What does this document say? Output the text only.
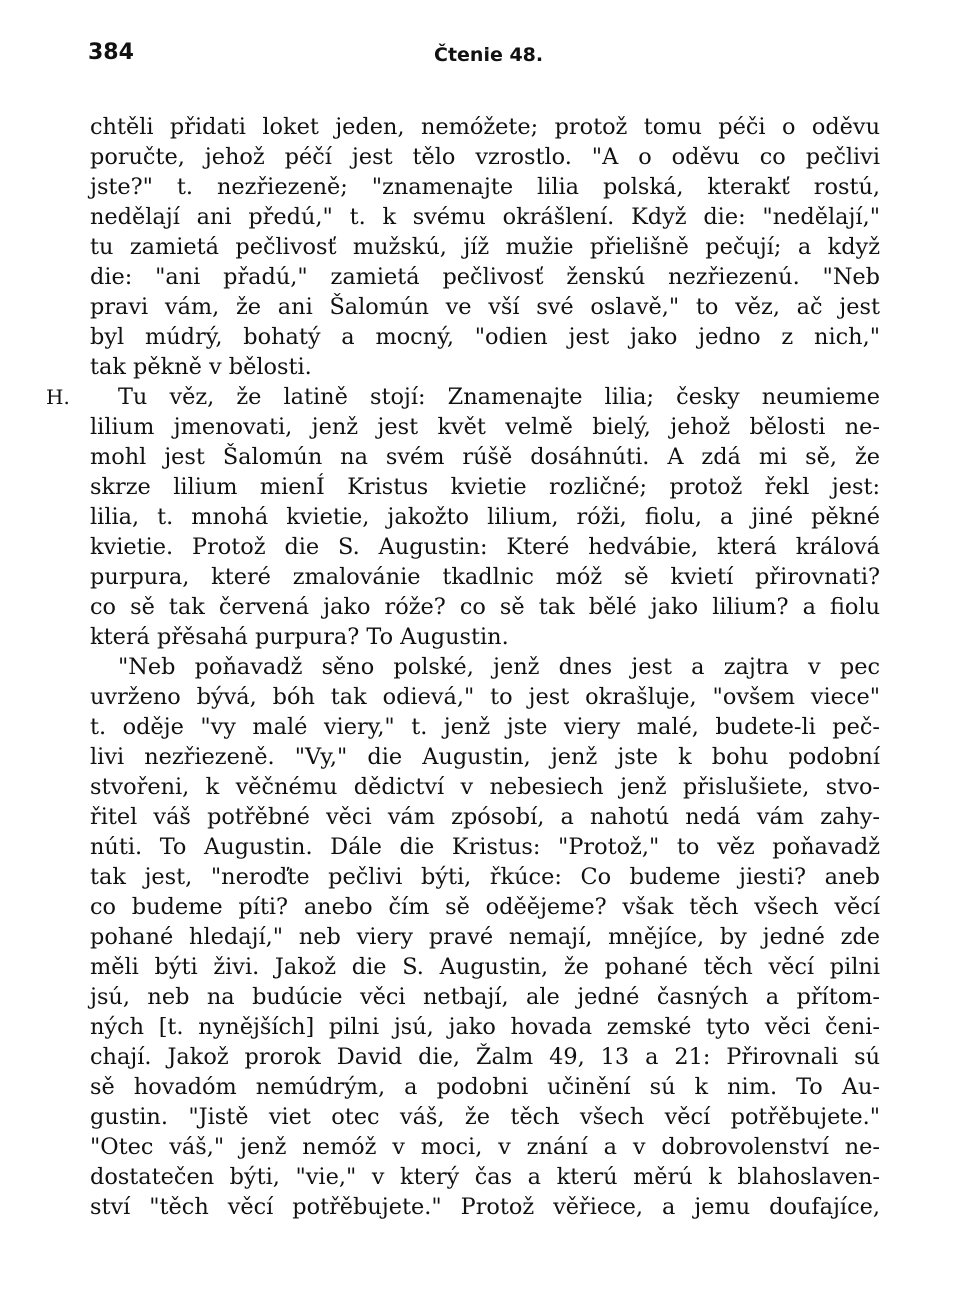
384	Čtenie 48.
chtěli přidati loket jeden, nemóžete; protož tomu péči o oděvu
poručte, jehož péčí jest tělo vzrostlo. "A o oděvu co pečlivi
jste?" t. nezřiezeně; "znamenajte lilia polská, kterakť rostú,
nedělají ani předú," t. k svému okrášlení. Když die: "nedělají,"
tu zamietá pečlivosť mužskú, jíž mužie přielišně pečují; a když
die: "ani přadú," zamietá pečlivosť ženskú nezřiezenú. "Neb
pravi vám, že ani Šalomún ve vší své oslavě," to věz, ač jest
byl múdrý, bohatý a mocný, "odien jest jako jedno z nich,"
tak pěkně v bělosti.
H. Tu věz, že latině stojí: Znamenajte lilia; česky neumieme
lilium jmenovati, jenž jest květ velmě bielý, jehož bělosti ne-
mohl jest Šalomún na svém rúšě dosáhnúti. A zdá mi sě, že
skrze lilium mienÍ Kristus kvietie rozličné; protož řekl jest:
lilia, t. mnohá kvietie, jakožto lilium, róži, fiolu, a jiné pěkné
kvietie. Protož die S. Augustin: Které hedvábie, která králová
purpura, které zmalovánie tkadlnic móž sě kvietí přirovnati?
co sě tak červená jako róže? co sě tak bělé jako lilium? a fiolu
která přěsahá purpura? To Augustin.
"Neb poňavadž sěno polské, jenž dnes jest a zajtra v pec
uvrženo bývá, bóh tak odievá," to jest okrašluje, "ovšem viece"
t. oděje "vy malé viery," t. jenž jste viery malé, budete-li peč-
livi nezřiezeně. "Vy," die Augustin, jenž jste k bohu podobní
stvořeni, k věčnému dědictví v nebesiech jenž přislušiete, stvo-
řitel váš potřěbné věci vám zpósobí, a nahotú nedá vám zahy-
núti. To Augustin. Dále die Kristus: "Protož," to věz poňavadž
tak jest, "neroďte pečlivi býti, řkúce: Co budeme jiesti? aneb
co budeme píti? anebo čím sě oděějeme? však těch všech věcí
pohané hledají," neb viery pravé nemají, mnějíce, by jedné zde
měli býti živi. Jakož die S. Augustin, že pohané těch věcí pilni
jsú, neb na budúcie věci netbají, ale jedné časných a přítom-
ných [t. nynějších] pilni jsú, jako hovada zemské tyto věci čeni-
chají. Jakož prorok David die, Žalm 49, 13 a 21: Přirovnali sú
sě hovadóm nemúdrým, a podobni učinění sú k nim. To Au-
gustin. "Jistě viet otec váš, že těch všech věcí potřěbujete."
"Otec váš," jenž nemóž v moci, v znání a v dobrovolenství ne-
dostatečen býti, "vie," v který čas a kterú měrú k blahoslaven-
ství "těch věcí potřěbujete." Protož věřiece, a jemu doufajíce,
